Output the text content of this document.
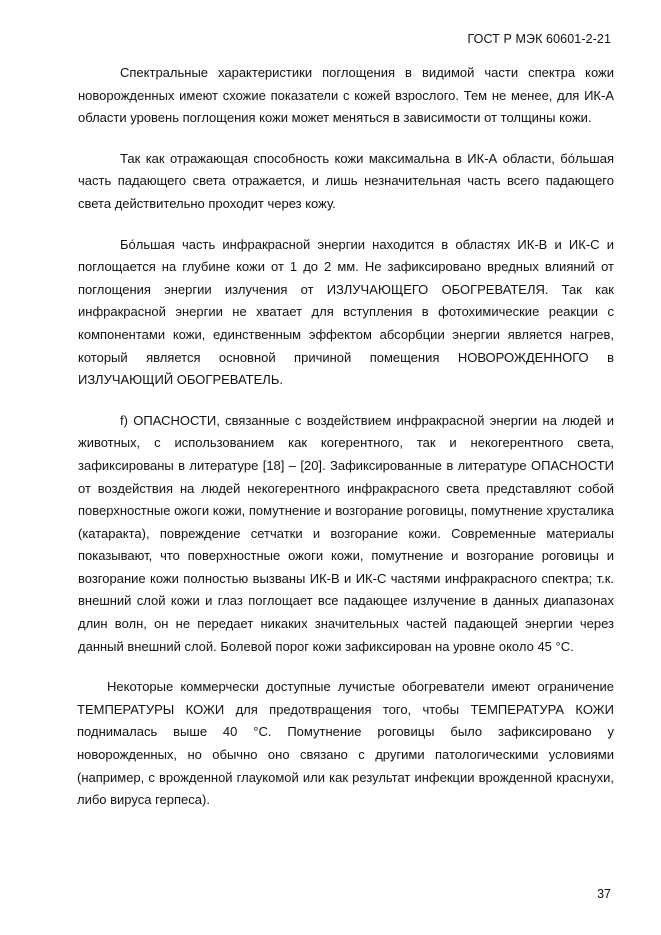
ГОСТ Р МЭК 60601-2-21

Спектральные характеристики поглощения в видимой части спектра кожи новорожденных имеют схожие показатели с кожей взрослого. Тем не менее, для ИК-А области уровень поглощения кожи может меняться в зависимости от толщины кожи.

Так как отражающая способность кожи максимальна в ИК-А области, бóльшая часть падающего света отражается, и лишь незначительная часть всего падающего света действительно проходит через кожу.

Бóльшая часть инфракрасной энергии находится в областях ИК-В и ИК-С и поглощается на глубине кожи от 1 до 2 мм. Не зафиксировано вредных влияний от поглощения энергии излучения от ИЗЛУЧАЮЩЕГО ОБОГРЕВАТЕЛЯ. Так как инфракрасной энергии не хватает для вступления в фотохимические реакции с компонентами кожи, единственным эффектом абсорбции энергии является нагрев, который является основной причиной помещения НОВОРОЖДЕННОГО в ИЗЛУЧАЮЩИЙ ОБОГРЕВАТЕЛЬ.

f) ОПАСНОСТИ, связанные с воздействием инфракрасной энергии на людей и животных, с использованием как когерентного, так и некогерентного света, зафиксированы в литературе [18] – [20]. Зафиксированные в литературе ОПАСНОСТИ от воздействия на людей некогерентного инфракрасного света представляют собой поверхностные ожоги кожи, помутнение и возгорание роговицы, помутнение хрусталика (катаракта), повреждение сетчатки и возгорание кожи. Современные материалы показывают, что поверхностные ожоги кожи, помутнение и возгорание роговицы и возгорание кожи полностью вызваны ИК-В и ИК-С частями инфракрасного спектра; т.к. внешний слой кожи и глаз поглощает все падающее излучение в данных диапазонах длин волн, он не передает никаких значительных частей падающей энергии через данный внешний слой. Болевой порог кожи зафиксирован на уровне около 45 °С.

Некоторые коммерчески доступные лучистые обогреватели имеют ограничение ТЕМПЕРАТУРЫ КОЖИ для предотвращения того, чтобы ТЕМПЕРАТУРА КОЖИ поднималась выше 40 °С. Помутнение роговицы было зафиксировано у новорожденных, но обычно оно связано с другими патологическими условиями (например, с врожденной глаукомой или как результат инфекции врожденной краснухи, либо вируса герпеса).

37
